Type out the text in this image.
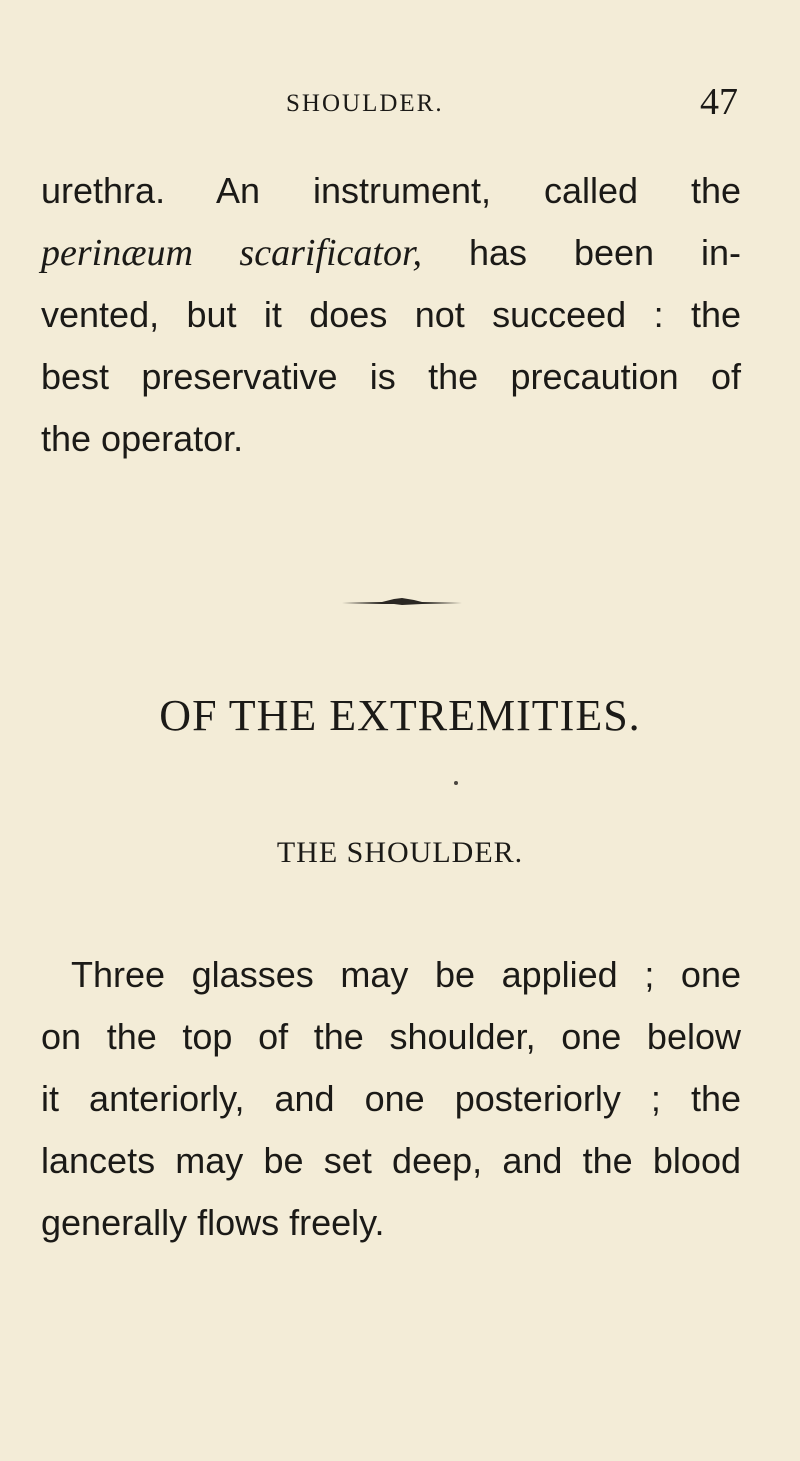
SHOULDER.	47
urethra. An instrument, called the
perinæum scarificator, has been in-
vented, but it does not succeed : the
best preservative is the precaution of
the operator.
OF THE EXTREMITIES.
THE SHOULDER.
Three glasses may be applied ; one
on the top of the shoulder, one below
it anteriorly, and one posteriorly ; the
lancets may be set deep, and the blood
generally flows freely.
